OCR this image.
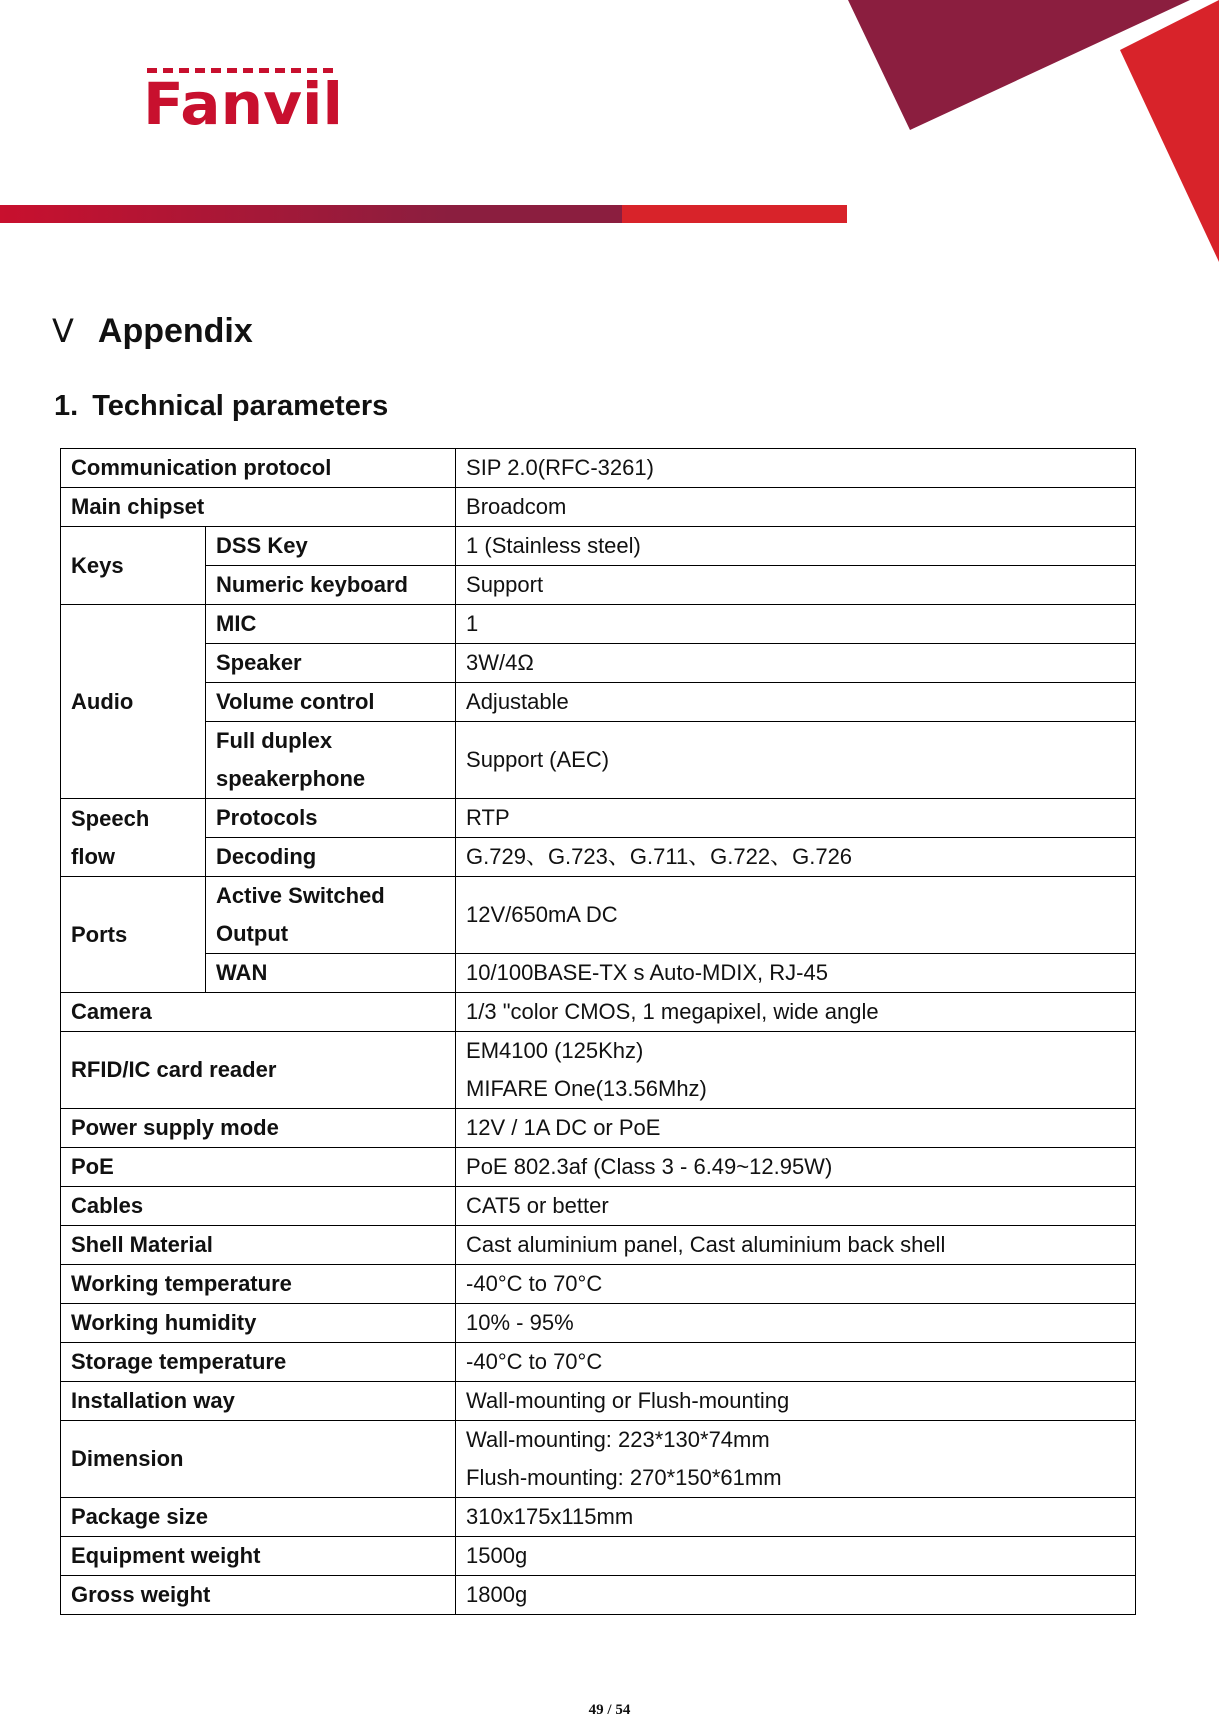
Fanvil
Ⅴ Appendix
1. Technical parameters
Communication protocol		SIP 2.0(RFC-3261)
Main chipset		Broadcom
Keys	DSS Key	1 (Stainless steel)
	Numeric keyboard	Support
Audio	MIC	1
	Speaker	3W/4Ω
	Volume control	Adjustable
	Full duplex speakerphone	Support (AEC)
Speech flow	Protocols	RTP
	Decoding	G.729、G.723、G.711、G.722、G.726
Ports	Active Switched Output	12V/650mA DC
	WAN	10/100BASE-TX s Auto-MDIX, RJ-45
Camera		1/3 "color CMOS, 1 megapixel, wide angle
RFID/IC card reader		EM4100 (125Khz)
MIFARE One(13.56Mhz)

Power supply mode		12V / 1A DC or PoE
PoE		PoE 802.3af (Class 3 - 6.49~12.95W)
Cables		CAT5 or better
Shell Material		Cast aluminium panel, Cast aluminium back shell
Working temperature		-40°C to 70°C
Working humidity		10% - 95%
Storage temperature		-40°C to 70°C
Installation way		Wall-mounting or Flush-mounting
Dimension		Wall-mounting: 223*130*74mm
Flush-mounting: 270*150*61mm

Package size		310x175x115mm
Equipment weight		1500g
Gross weight		1800g
49 / 54
